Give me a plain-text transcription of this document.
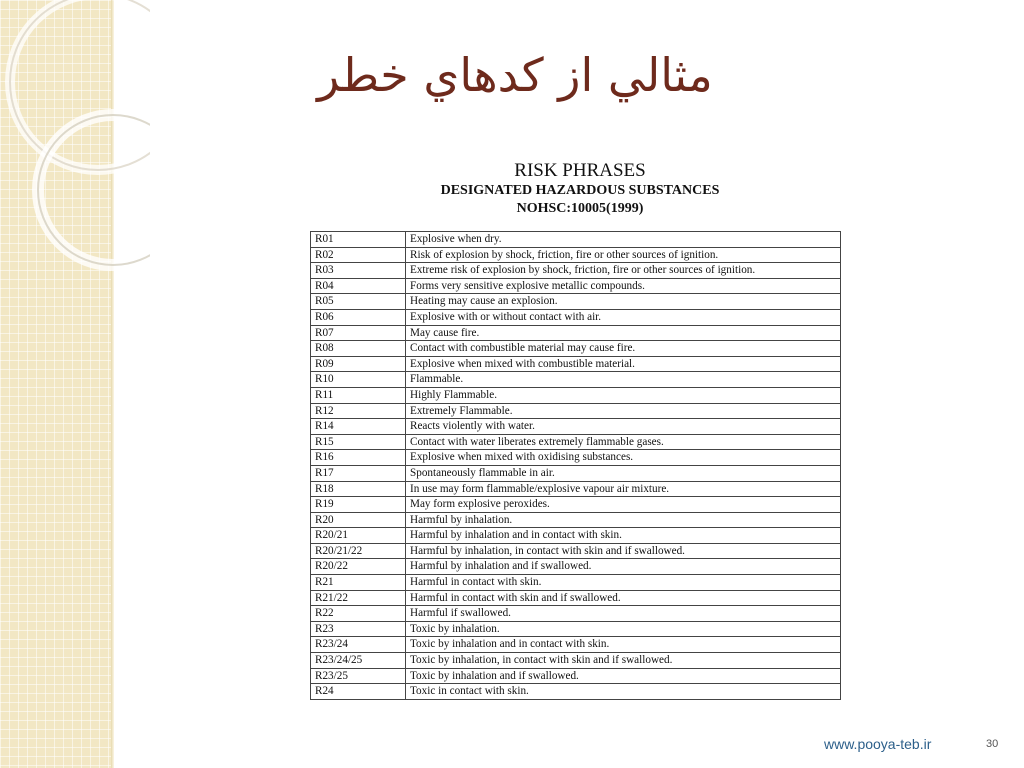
مثالي از کدهاي خطر
RISK PHRASES
DESIGNATED HAZARDOUS SUBSTANCES
NOHSC:10005(1999)
R01	Explosive when dry.
R02	Risk of explosion by shock, friction, fire or other sources of ignition.
R03	Extreme risk of explosion by shock, friction, fire or other sources of ignition.
R04	Forms very sensitive explosive metallic compounds.
R05	Heating may cause an explosion.
R06	Explosive with or without contact with air.
R07	May cause fire.
R08	Contact with combustible material may cause fire.
R09	Explosive when mixed with combustible material.
R10	Flammable.
R11	Highly Flammable.
R12	Extremely Flammable.
R14	Reacts violently with water.
R15	Contact with water liberates extremely flammable gases.
R16	Explosive when mixed with oxidising substances.
R17	Spontaneously flammable in air.
R18	In use may form flammable/explosive vapour air mixture.
R19	May form explosive peroxides.
R20	Harmful by inhalation.
R20/21	Harmful by inhalation and in contact with skin.
R20/21/22	Harmful by inhalation, in contact with skin and if swallowed.
R20/22	Harmful by inhalation and if swallowed.
R21	Harmful in contact with skin.
R21/22	Harmful in contact with skin and if swallowed.
R22	Harmful if swallowed.
R23	Toxic by inhalation.
R23/24	Toxic by inhalation and in contact with skin.
R23/24/25	Toxic by inhalation, in contact with skin and if swallowed.
R23/25	Toxic by inhalation and if swallowed.
R24	Toxic in contact with skin.
www.pooya-teb.ir	30
